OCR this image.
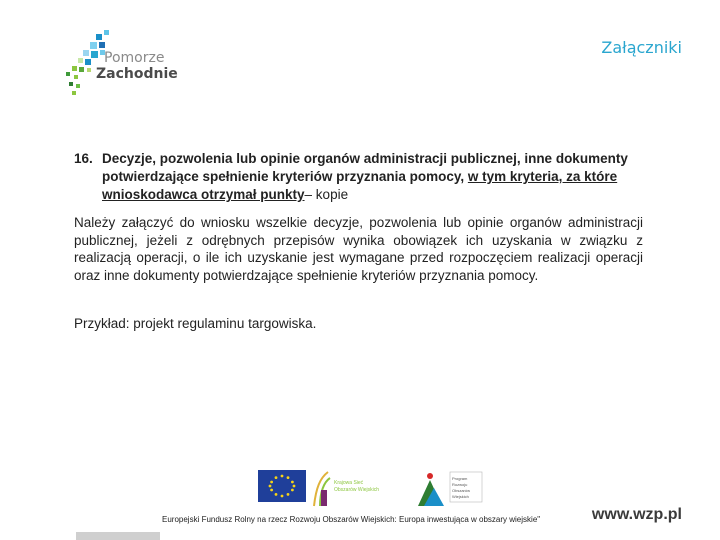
Pomorze
Zachodnie
Załączniki
16. Decyzje, pozwolenia lub opinie organów administracji publicznej, inne dokumenty potwierdzające spełnienie kryteriów przyznania pomocy, w tym kryteria, za które wnioskodawca otrzymał punkty– kopie
Należy załączyć do wniosku wszelkie decyzje, pozwolenia lub opinie organów administracji publicznej, jeżeli z odrębnych przepisów wynika obowiązek ich uzyskania w związku z realizacją operacji, o ile ich uzyskanie jest wymagane przed rozpoczęciem realizacji operacji oraz inne dokumenty potwierdzające spełnienie kryteriów przyznania pomocy.
Przykład: projekt regulaminu targowiska.
Krajowa Sieć
Obszarów Wiejskich
Program
Rozwoju
Obszarów
Wiejskich
Europejski Fundusz Rolny na rzecz Rozwoju Obszarów Wiejskich: Europa inwestująca w obszary wiejskie"	www.wzp.pl
